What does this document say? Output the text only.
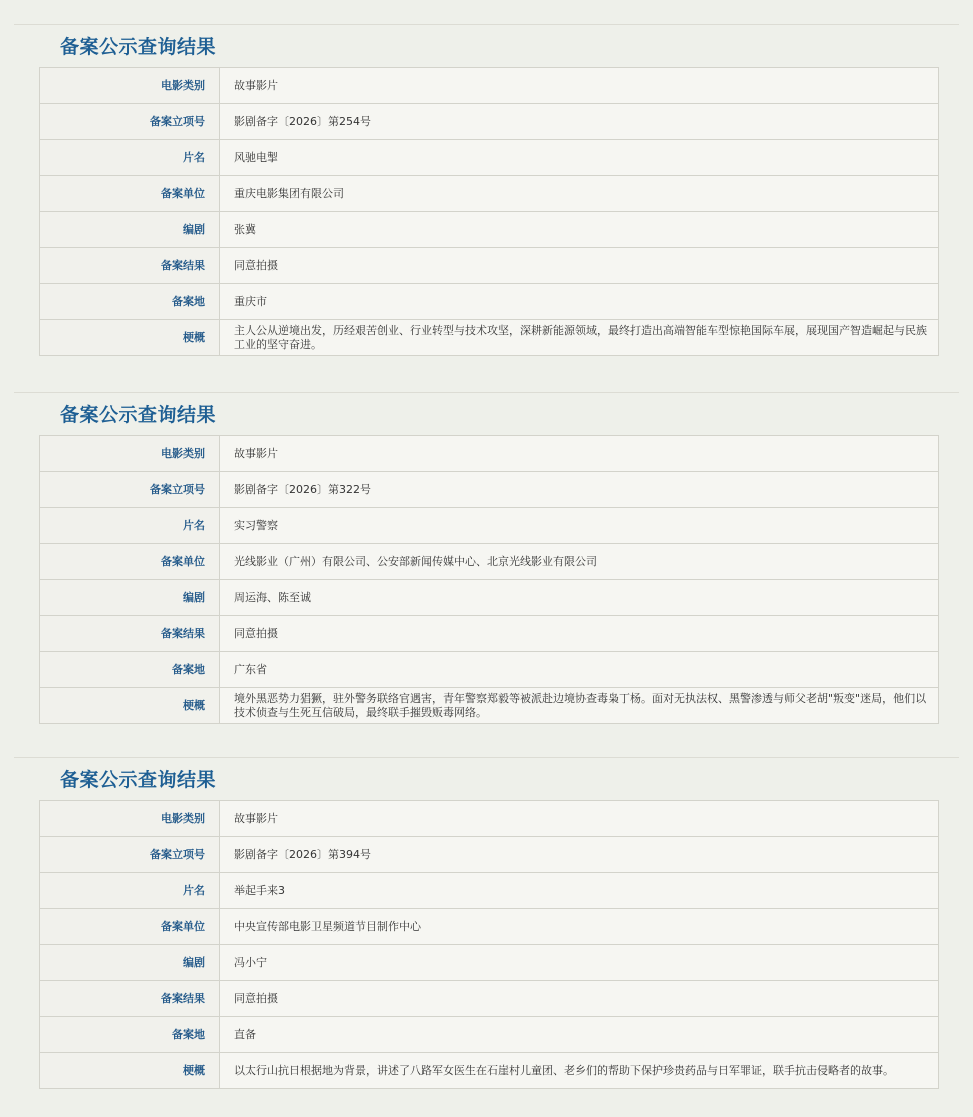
备案公示查询结果
电影类别	故事影片
备案立项号	影剧备字〔2026〕第254号
片名	风驰电掣
备案单位	重庆电影集团有限公司
编剧	张冀
备案结果	同意拍摄
备案地	重庆市
梗概	主人公从逆境出发，历经艰苦创业、行业转型与技术攻坚，深耕新能源领域，最终打造出高端智能车型惊艳国际车展，展现国产智造崛起与民族工业的坚守奋进。
备案公示查询结果
电影类别	故事影片
备案立项号	影剧备字〔2026〕第322号
片名	实习警察
备案单位	光线影业（广州）有限公司、公安部新闻传媒中心、北京光线影业有限公司
编剧	周运海、陈至诚
备案结果	同意拍摄
备案地	广东省
梗概	境外黑恶势力猖獗，驻外警务联络官遇害，青年警察郑毅等被派赴边境协查毒枭丁杨。面对无执法权、黑警渗透与师父老胡"叛变"迷局，他们以技术侦查与生死互信破局，最终联手摧毁贩毒网络。
备案公示查询结果
电影类别	故事影片
备案立项号	影剧备字〔2026〕第394号
片名	举起手来3
备案单位	中央宣传部电影卫星频道节目制作中心
编剧	冯小宁
备案结果	同意拍摄
备案地	直备
梗概	以太行山抗日根据地为背景，讲述了八路军女医生在石崖村儿童团、老乡们的帮助下保护珍贵药品与日军罪证，联手抗击侵略者的故事。
